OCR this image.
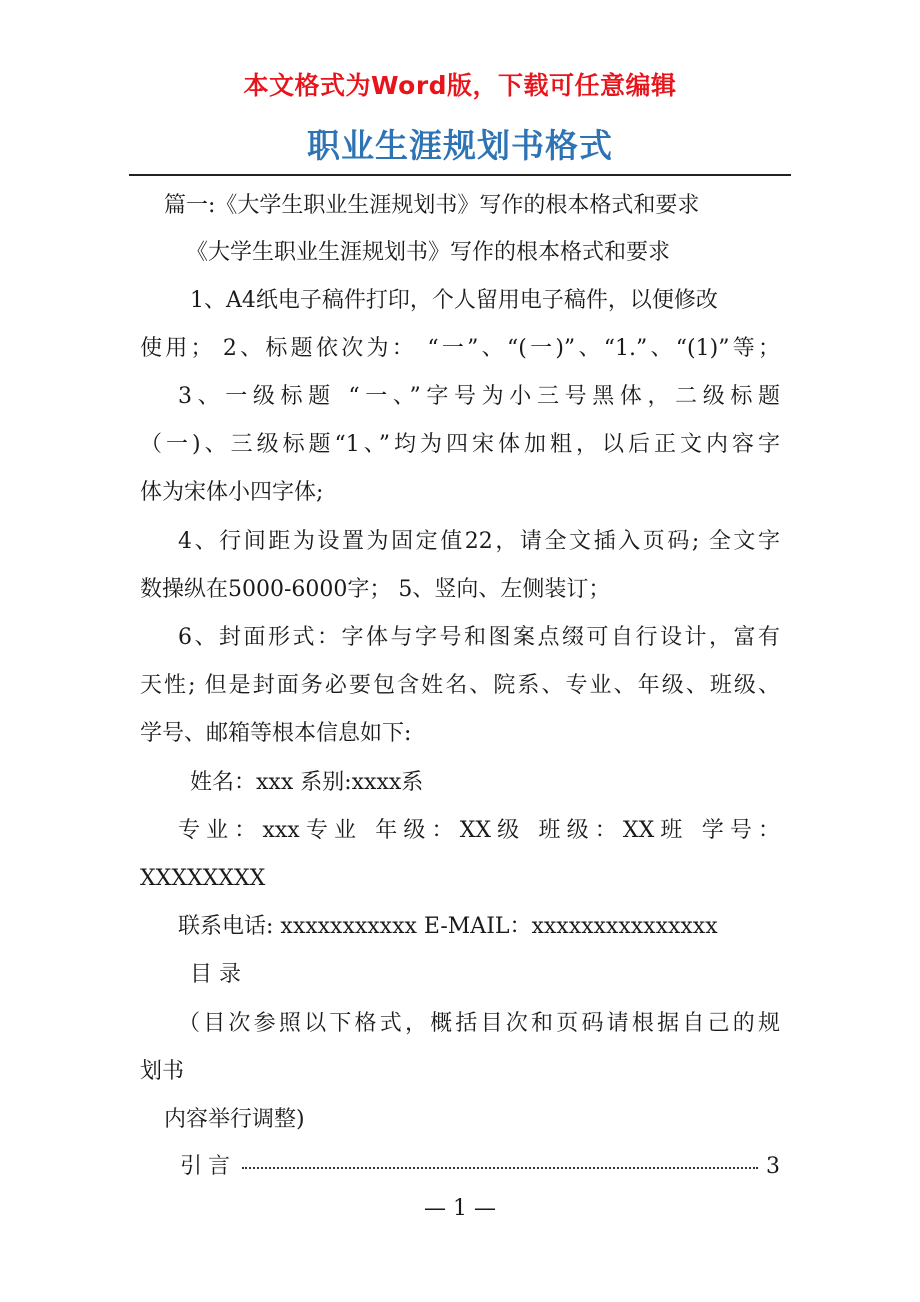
本文格式为Word版，下载可任意编辑
职业生涯规划书格式
篇一:《大学生职业生涯规划书》写作的根本格式和要求
《大学生职业生涯规划书》写作的根本格式和要求
1、A4纸电子稿件打印，个人留用电子稿件，以便修改
使用； 2、标题依次为： “一”、“(一)”、“1.”、“(1)”等；
3、一级标题 “一、”字号为小三号黑体，二级标题
（一)、三级标题“1、”均为四宋体加粗，以后正文内容字
体为宋体小四字体;
4、行间距为设置为固定值22，请全文插入页码; 全文字
数操纵在5000-6000字； 5、竖向、左侧装订；
6、封面形式：字体与字号和图案点缀可自行设计，富有
天性; 但是封面务必要包含姓名、院系、专业、年级、班级、
学号、邮箱等根本信息如下:
姓名：xxx 系别:xxxx系
专业：xxx专业 年级：XX级 班级：XX班 学号：
XXXXXXXX
联系电话: xxxxxxxxxxx E-MAIL：xxxxxxxxxxxxxxx
目 录
（目次参照以下格式，概括目次和页码请根据自己的规
划书
内容举行调整)
引言	3
— 1 —
